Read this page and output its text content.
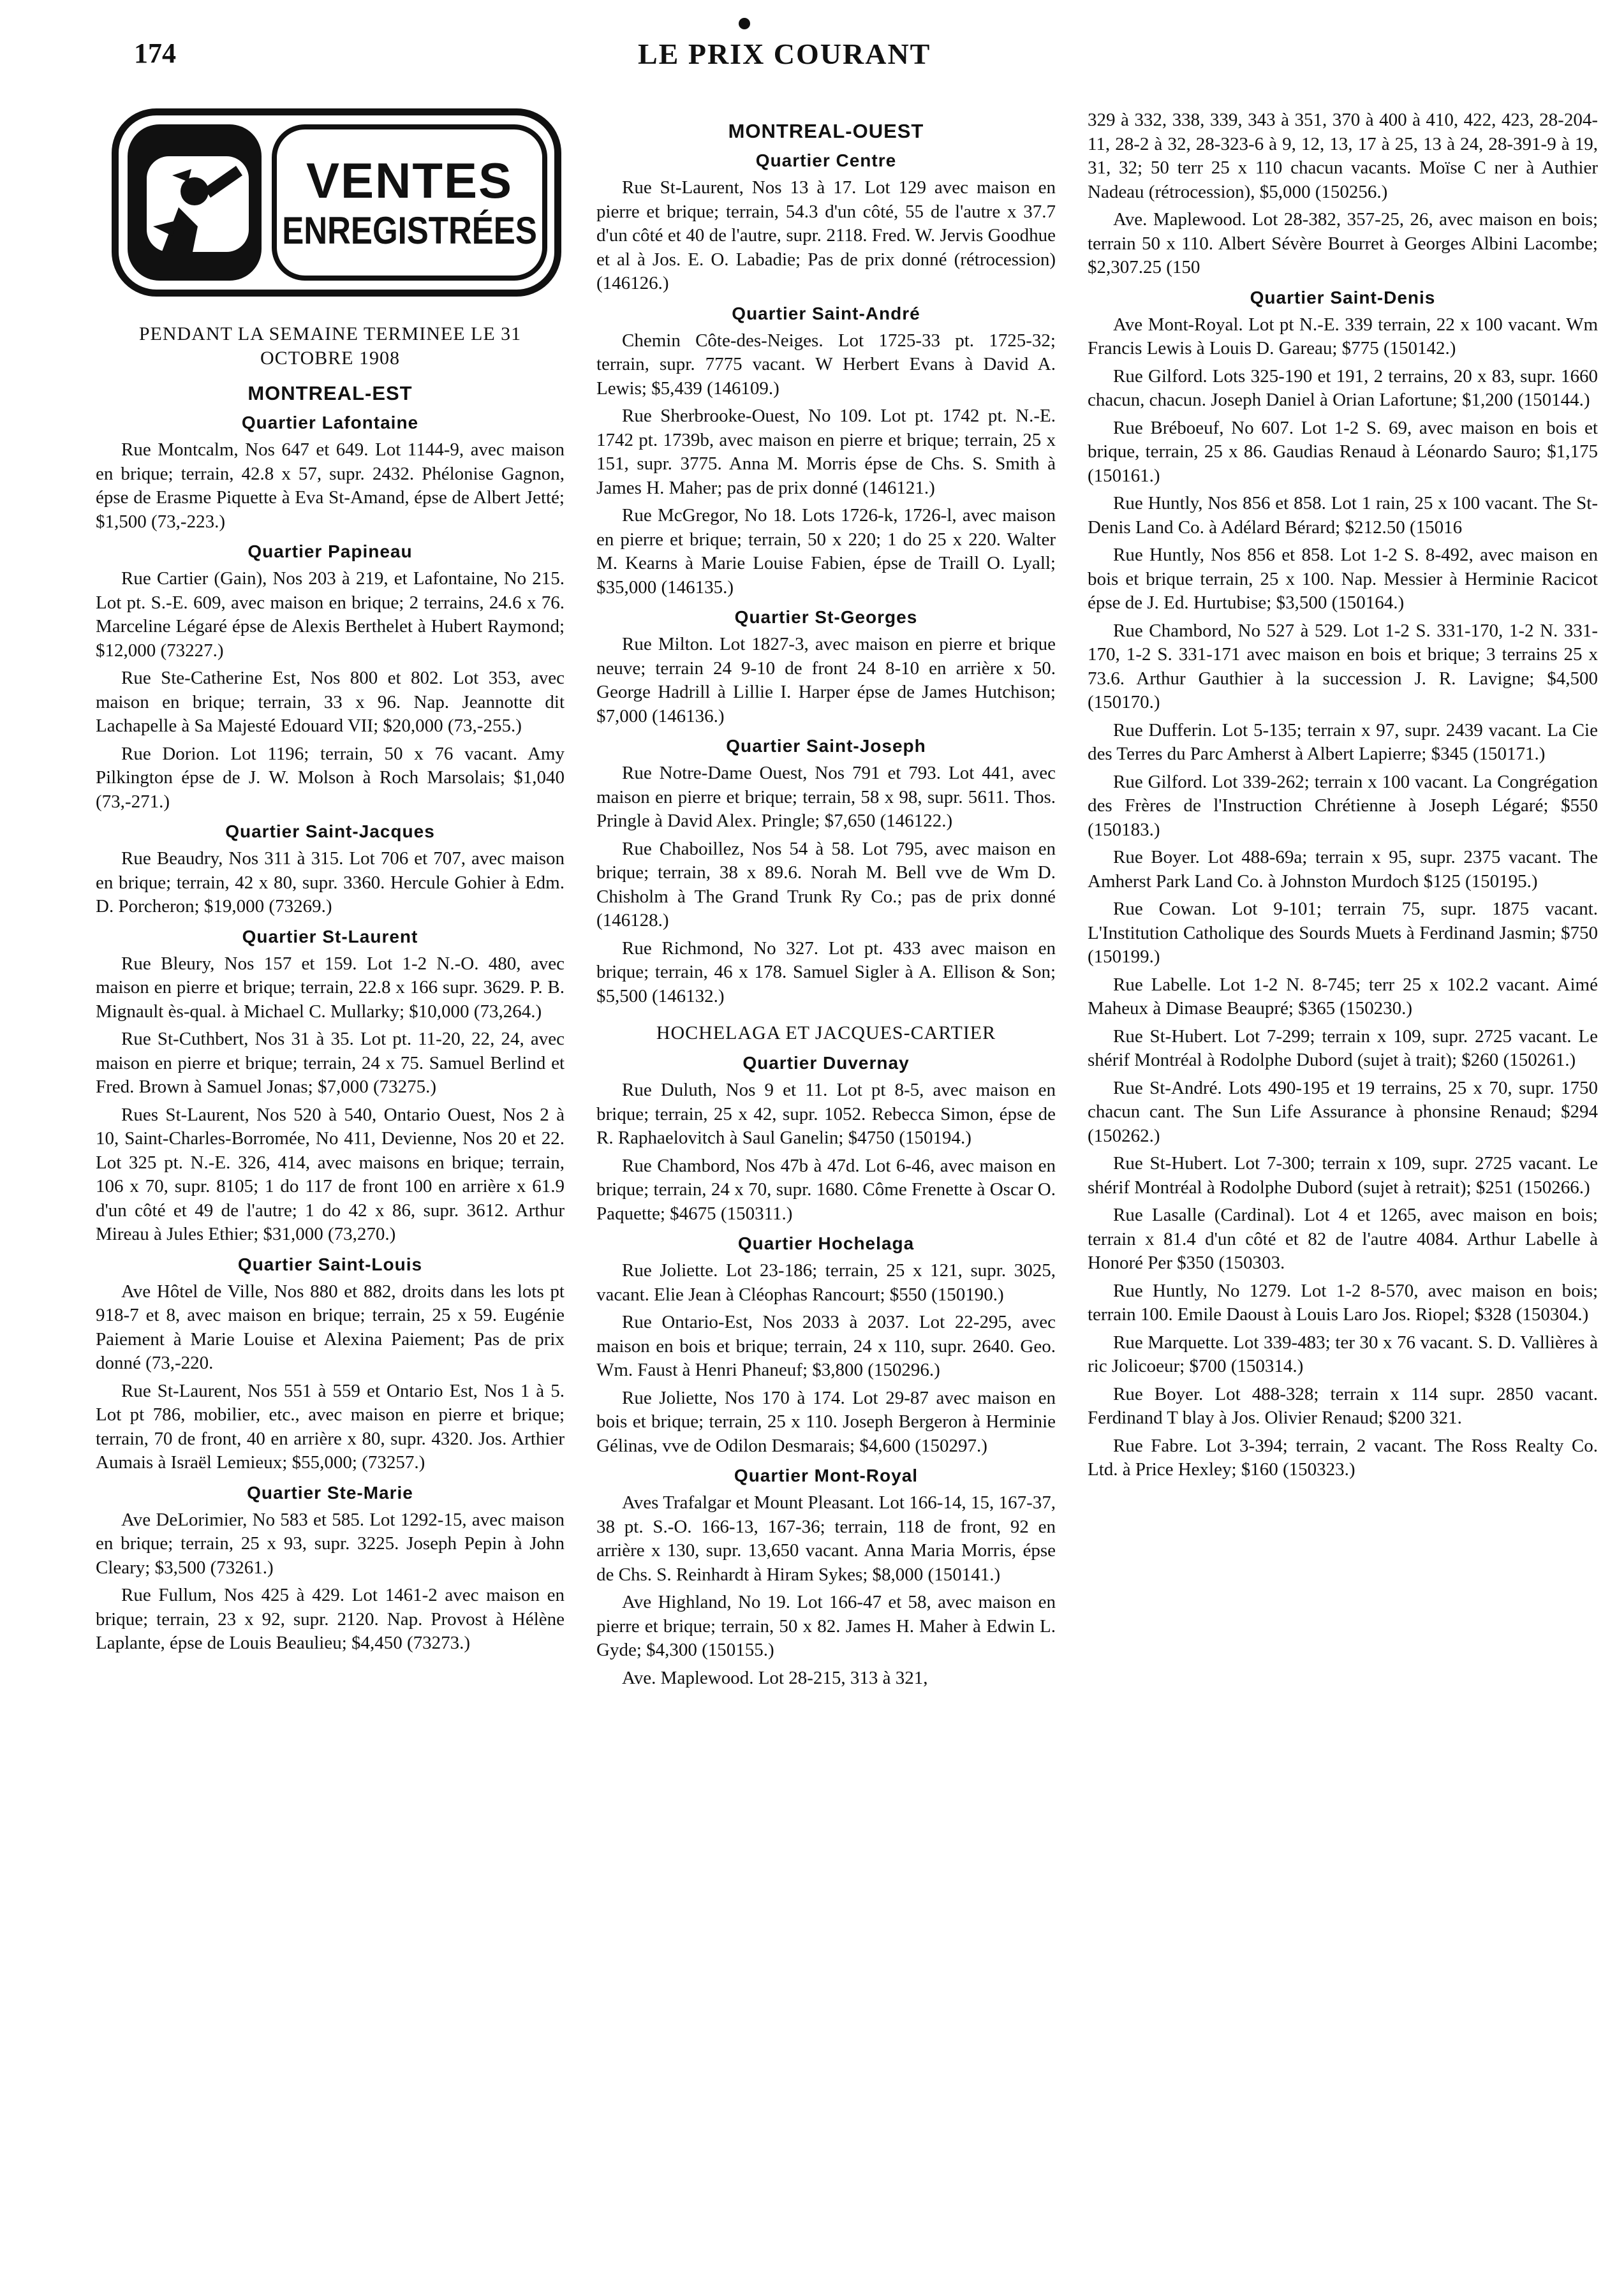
174	LE PRIX COURANT
VENTES
ENREGISTRÉES
PENDANT LA SEMAINE TERMINEE LE 31 OCTOBRE 1908
MONTREAL-EST
Quartier Lafontaine
Rue Montcalm, Nos 647 et 649. Lot 1144-9, avec maison en brique; terrain, 42.8 x 57, supr. 2432. Phélonise Gagnon, épse de Erasme Piquette à Eva St-Amand, épse de Albert Jetté; $1,500 (73,-223.)
Quartier Papineau
Rue Cartier (Gain), Nos 203 à 219, et Lafontaine, No 215. Lot pt. S.-E. 609, avec maison en brique; 2 terrains, 24.6 x 76. Marceline Légaré épse de Alexis Berthelet à Hubert Raymond; $12,000 (73227.)
Rue Ste-Catherine Est, Nos 800 et 802. Lot 353, avec maison en brique; terrain, 33 x 96. Nap. Jeannotte dit Lachapelle à Sa Majesté Edouard VII; $20,000 (73,-255.)
Rue Dorion. Lot 1196; terrain, 50 x 76 vacant. Amy Pilkington épse de J. W. Molson à Roch Marsolais; $1,040 (73,-271.)
Quartier Saint-Jacques
Rue Beaudry, Nos 311 à 315. Lot 706 et 707, avec maison en brique; terrain, 42 x 80, supr. 3360. Hercule Gohier à Edm. D. Porcheron; $19,000 (73269.)
Quartier St-Laurent
Rue Bleury, Nos 157 et 159. Lot 1-2 N.-O. 480, avec maison en pierre et brique; terrain, 22.8 x 166 supr. 3629. P. B. Mignault ès-qual. à Michael C. Mullarky; $10,000 (73,264.)
Rue St-Cuthbert, Nos 31 à 35. Lot pt. 11-20, 22, 24, avec maison en pierre et brique; terrain, 24 x 75. Samuel Berlind et Fred. Brown à Samuel Jonas; $7,000 (73275.)
Rues St-Laurent, Nos 520 à 540, Ontario Ouest, Nos 2 à 10, Saint-Charles-Borromée, No 411, Devienne, Nos 20 et 22. Lot 325 pt. N.-E. 326, 414, avec maisons en brique; terrain, 106 x 70, supr. 8105; 1 do 117 de front 100 en arrière x 61.9 d'un côté et 49 de l'autre; 1 do 42 x 86, supr. 3612. Arthur Mireau à Jules Ethier; $31,000 (73,270.)
Quartier Saint-Louis
Ave Hôtel de Ville, Nos 880 et 882, droits dans les lots pt 918-7 et 8, avec maison en brique; terrain, 25 x 59. Eugénie Paiement à Marie Louise et Alexina Paiement; Pas de prix donné (73,-220.
Rue St-Laurent, Nos 551 à 559 et Ontario Est, Nos 1 à 5. Lot pt 786, mobilier, etc., avec maison en pierre et brique; terrain, 70 de front, 40 en arrière x 80, supr. 4320. Jos. Arthier Aumais à Israël Lemieux; $55,000; (73257.)
Quartier Ste-Marie
Ave DeLorimier, No 583 et 585. Lot 1292-15, avec maison en brique; terrain, 25 x 93, supr. 3225. Joseph Pepin à John Cleary; $3,500 (73261.)
Rue Fullum, Nos 425 à 429. Lot 1461-2 avec maison en brique; terrain, 23 x 92, supr. 2120. Nap. Provost à Hélène Laplante, épse de Louis Beaulieu; $4,450 (73273.)
MONTREAL-OUEST
Quartier Centre
Rue St-Laurent, Nos 13 à 17. Lot 129 avec maison en pierre et brique; terrain, 54.3 d'un côté, 55 de l'autre x 37.7 d'un côté et 40 de l'autre, supr. 2118. Fred. W. Jervis Goodhue et al à Jos. E. O. Labadie; Pas de prix donné (rétrocession) (146126.)
Quartier Saint-André
Chemin Côte-des-Neiges. Lot 1725-33 pt. 1725-32; terrain, supr. 7775 vacant. W Herbert Evans à David A. Lewis; $5,439 (146109.)
Rue Sherbrooke-Ouest, No 109. Lot pt. 1742 pt. N.-E. 1742 pt. 1739b, avec maison en pierre et brique; terrain, 25 x 151, supr. 3775. Anna M. Morris épse de Chs. S. Smith à James H. Maher; pas de prix donné (146121.)
Rue McGregor, No 18. Lots 1726-k, 1726-l, avec maison en pierre et brique; terrain, 50 x 220; 1 do 25 x 220. Walter M. Kearns à Marie Louise Fabien, épse de Traill O. Lyall; $35,000 (146135.)
Quartier St-Georges
Rue Milton. Lot 1827-3, avec maison en pierre et brique neuve; terrain 24 9-10 de front 24 8-10 en arrière x 50. George Hadrill à Lillie I. Harper épse de James Hutchison; $7,000 (146136.)
Quartier Saint-Joseph
Rue Notre-Dame Ouest, Nos 791 et 793. Lot 441, avec maison en pierre et brique; terrain, 58 x 98, supr. 5611. Thos. Pringle à David Alex. Pringle; $7,650 (146122.)
Rue Chaboillez, Nos 54 à 58. Lot 795, avec maison en brique; terrain, 38 x 89.6. Norah M. Bell vve de Wm D. Chisholm à The Grand Trunk Ry Co.; pas de prix donné (146128.)
Rue Richmond, No 327. Lot pt. 433 avec maison en brique; terrain, 46 x 178. Samuel Sigler à A. Ellison & Son; $5,500 (146132.)
HOCHELAGA ET JACQUES-CARTIER
Quartier Duvernay
Rue Duluth, Nos 9 et 11. Lot pt 8-5, avec maison en brique; terrain, 25 x 42, supr. 1052. Rebecca Simon, épse de R. Raphaelovitch à Saul Ganelin; $4750 (150194.)
Rue Chambord, Nos 47b à 47d. Lot 6-46, avec maison en brique; terrain, 24 x 70, supr. 1680. Côme Frenette à Oscar O. Paquette; $4675 (150311.)
Quartier Hochelaga
Rue Joliette. Lot 23-186; terrain, 25 x 121, supr. 3025, vacant. Elie Jean à Cléophas Rancourt; $550 (150190.)
Rue Ontario-Est, Nos 2033 à 2037. Lot 22-295, avec maison en bois et brique; terrain, 24 x 110, supr. 2640. Geo. Wm. Faust à Henri Phaneuf; $3,800 (150296.)
Rue Joliette, Nos 170 à 174. Lot 29-87 avec maison en bois et brique; terrain, 25 x 110. Joseph Bergeron à Herminie Gélinas, vve de Odilon Desmarais; $4,600 (150297.)
Quartier Mont-Royal
Aves Trafalgar et Mount Pleasant. Lot 166-14, 15, 167-37, 38 pt. S.-O. 166-13, 167-36; terrain, 118 de front, 92 en arrière x 130, supr. 13,650 vacant. Anna Maria Morris, épse de Chs. S. Reinhardt à Hiram Sykes; $8,000 (150141.)
Ave Highland, No 19. Lot 166-47 et 58, avec maison en pierre et brique; terrain, 50 x 82. James H. Maher à Edwin L. Gyde; $4,300 (150155.)
Ave. Maplewood. Lot 28-215, 313 à 321,
329 à 332, 338, 339, 343 à 351, 370 à 400 à 410, 422, 423, 28-204-11, 28-2 à 32, 28-323-6 à 9, 12, 13, 17 à 25, 13 à 24, 28-391-9 à 19, 31, 32; 50 terr 25 x 110 chacun vacants. Moïse C ner à Authier Nadeau (rétrocession), $5,000 (150256.)
Ave. Maplewood. Lot 28-382, 357-25, 26, avec maison en bois; terrain 50 x 110. Albert Sévère Bourret à Georges Albini Lacombe; $2,307.25 (150
Quartier Saint-Denis
Ave Mont-Royal. Lot pt N.-E. 339 terrain, 22 x 100 vacant. Wm Francis Lewis à Louis D. Gareau; $775 (150142.)
Rue Gilford. Lots 325-190 et 191, 2 terrains, 20 x 83, supr. 1660 chacun, chacun. Joseph Daniel à Orian Lafortune; $1,200 (150144.)
Rue Bréboeuf, No 607. Lot 1-2 S. 69, avec maison en bois et brique, terrain, 25 x 86. Gaudias Renaud à Léonardo Sauro; $1,175 (150161.)
Rue Huntly, Nos 856 et 858. Lot 1 rain, 25 x 100 vacant. The St-Denis Land Co. à Adélard Bérard; $212.50 (15016
Rue Huntly, Nos 856 et 858. Lot 1-2 S. 8-492, avec maison en bois et brique terrain, 25 x 100. Nap. Messier à Herminie Racicot épse de J. Ed. Hurtubise; $3,500 (150164.)
Rue Chambord, No 527 à 529. Lot 1-2 S. 331-170, 1-2 N. 331-170, 1-2 S. 331-171 avec maison en bois et brique; 3 terrains 25 x 73.6. Arthur Gauthier à la succession J. R. Lavigne; $4,500 (150170.)
Rue Dufferin. Lot 5-135; terrain x 97, supr. 2439 vacant. La Cie des Terres du Parc Amherst à Albert Lapierre; $345 (150171.)
Rue Gilford. Lot 339-262; terrain x 100 vacant. La Congrégation des Frères de l'Instruction Chrétienne à Joseph Légaré; $550 (150183.)
Rue Boyer. Lot 488-69a; terrain x 95, supr. 2375 vacant. The Amherst Park Land Co. à Johnston Murdoch $125 (150195.)
Rue Cowan. Lot 9-101; terrain 75, supr. 1875 vacant. L'Institution Catholique des Sourds Muets à Ferdinand Jasmin; $750 (150199.)
Rue Labelle. Lot 1-2 N. 8-745; terr 25 x 102.2 vacant. Aimé Maheux à Dimase Beaupré; $365 (150230.)
Rue St-Hubert. Lot 7-299; terrain x 109, supr. 2725 vacant. Le shérif Montréal à Rodolphe Dubord (sujet à trait); $260 (150261.)
Rue St-André. Lots 490-195 et 19 terrains, 25 x 70, supr. 1750 chacun cant. The Sun Life Assurance à phonsine Renaud; $294 (150262.)
Rue St-Hubert. Lot 7-300; terrain x 109, supr. 2725 vacant. Le shérif Montréal à Rodolphe Dubord (sujet à retrait); $251 (150266.)
Rue Lasalle (Cardinal). Lot 4 et 1265, avec maison en bois; terrain x 81.4 d'un côté et 82 de l'autre 4084. Arthur Labelle à Honoré Per $350 (150303.
Rue Huntly, No 1279. Lot 1-2 8-570, avec maison en bois; terrain 100. Emile Daoust à Louis Laro Jos. Riopel; $328 (150304.)
Rue Marquette. Lot 339-483; ter 30 x 76 vacant. S. D. Vallières à ric Jolicoeur; $700 (150314.)
Rue Boyer. Lot 488-328; terrain x 114 supr. 2850 vacant. Ferdinand T blay à Jos. Olivier Renaud; $200 321.
Rue Fabre. Lot 3-394; terrain, 2 vacant. The Ross Realty Co. Ltd. à Price Hexley; $160 (150323.)
